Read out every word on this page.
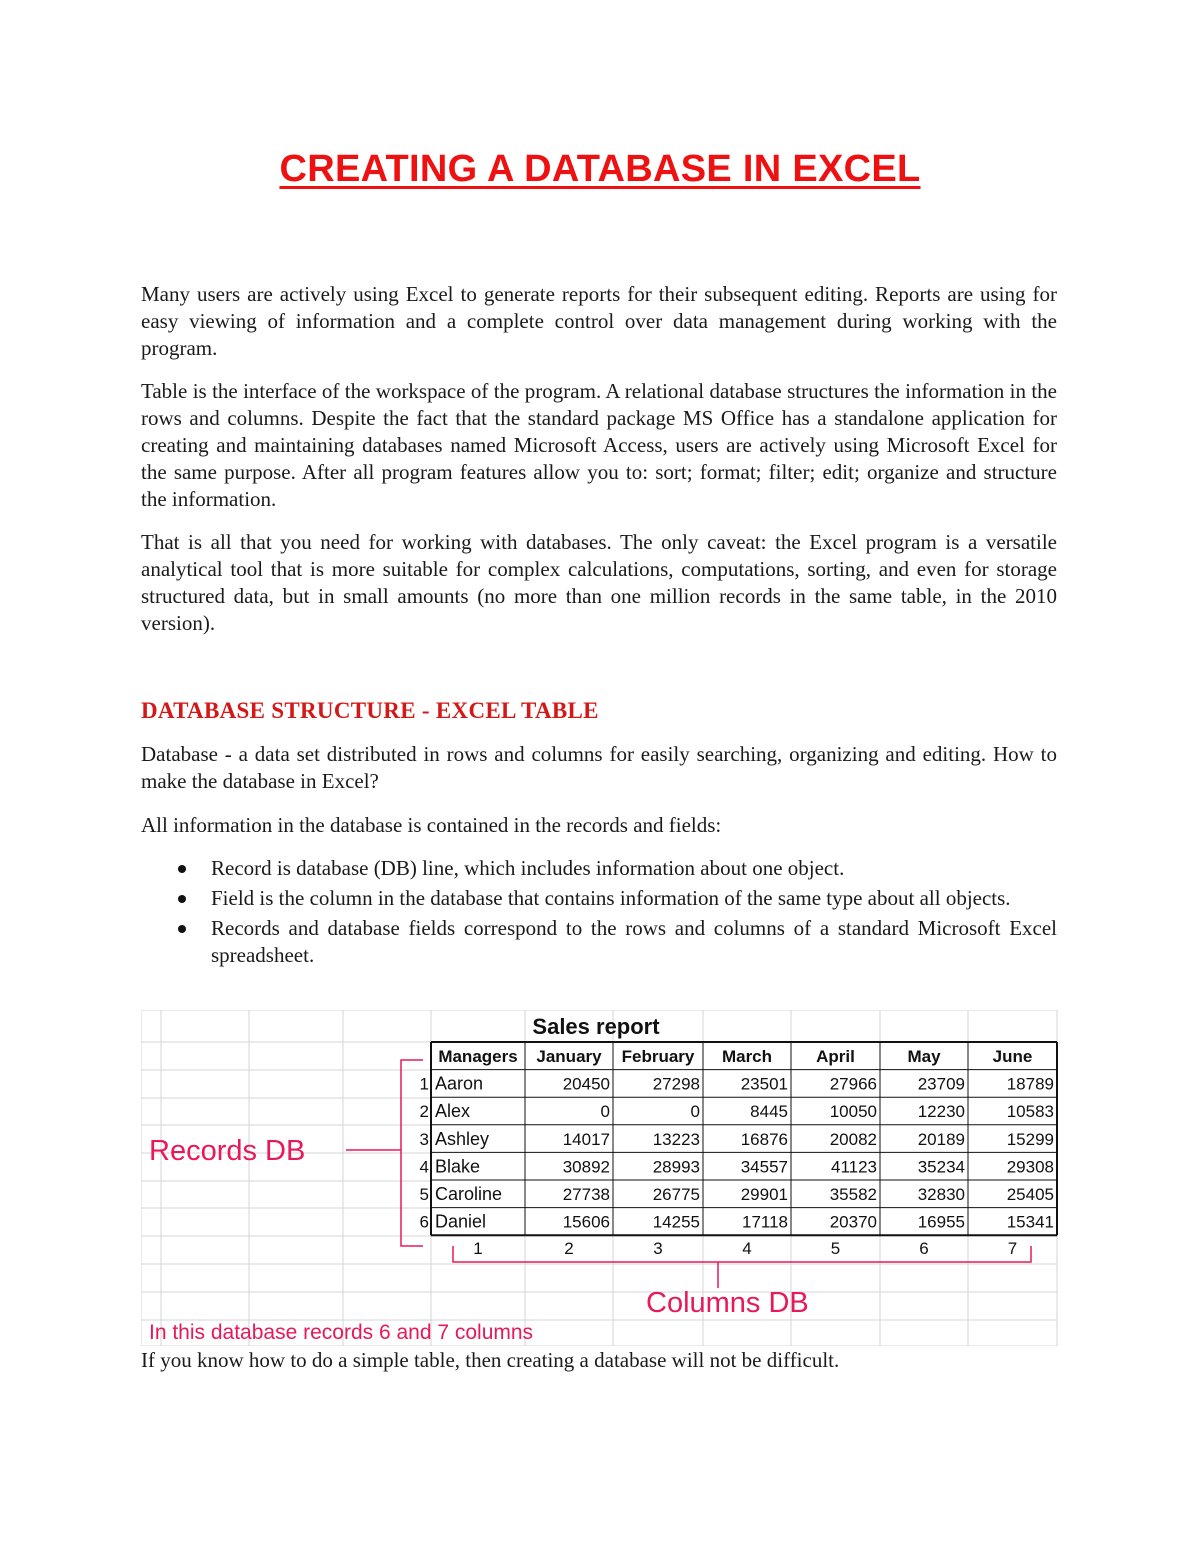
CREATING A DATABASE IN EXCEL

Many users are actively using Excel to generate reports for their subsequent editing. Reports are using for easy viewing of information and a complete control over data management during working with the program.

Table is the interface of the workspace of the program. A relational database structures the information in the rows and columns. Despite the fact that the standard package MS Office has a standalone application for creating and maintaining databases named Microsoft Access, users are actively using Microsoft Excel for the same purpose. After all program features allow you to: sort; format; filter; edit; organize and structure the information.

That is all that you need for working with databases. The only caveat: the Excel program is a versatile analytical tool that is more suitable for complex calculations, computations, sorting, and even for storage structured data, but in small amounts (no more than one million records in the same table, in the 2010 version).

DATABASE STRUCTURE - EXCEL TABLE

Database - a data set distributed in rows and columns for easily searching, organizing and editing. How to make the database in Excel?

All information in the database is contained in the records and fields:

Record is database (DB) line, which includes information about one object.
Field is the column in the database that contains information of the same type about all objects.
Records and database fields correspond to the rows and columns of a standard Microsoft Excel spreadsheet.
Sales report
Managers January February March	April	May	June
1 Aaron	20450	27298 23501 27966 23709 18789
2 Alex	0	0	8445 10050 12230 10583
3 Ashley	14017	13223 16876 20082 20189 15299
4 Blake	30892	28993 34557	41123 35234 29308
5 Caroline	27738	26775 29901 35582 32830 25405
6 Daniel	15606	14255 17118 20370 16955 15341
1	2	3	4	5	6	7
Records DB
Columns DB
In this database records 6 and 7 columns

If you know how to do a simple table, then creating a database will not be difficult.
